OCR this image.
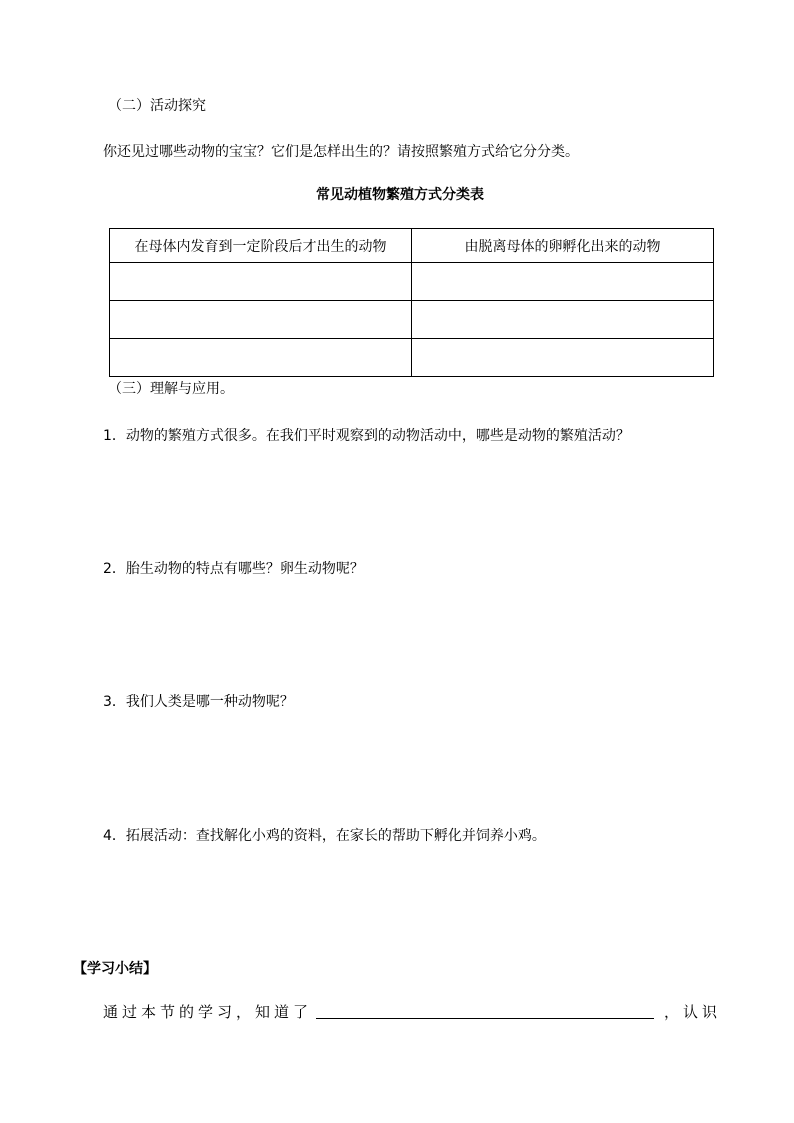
（二）活动探究
你还见过哪些动物的宝宝？它们是怎样出生的？请按照繁殖方式给它分分类。
常见动植物繁殖方式分类表
在母体内发育到一定阶段后才出生的动物	由脱离母体的卵孵化出来的动物

（三）理解与应用。
1．动物的繁殖方式很多。在我们平时观察到的动物活动中，哪些是动物的繁殖活动？
2．胎生动物的特点有哪些？卵生动物呢？
3．我们人类是哪一种动物呢？
4．拓展活动：查找解化小鸡的资料，在家长的帮助下孵化并饲养小鸡。
【学习小结】
通过本节的学习，知道了	，认识
